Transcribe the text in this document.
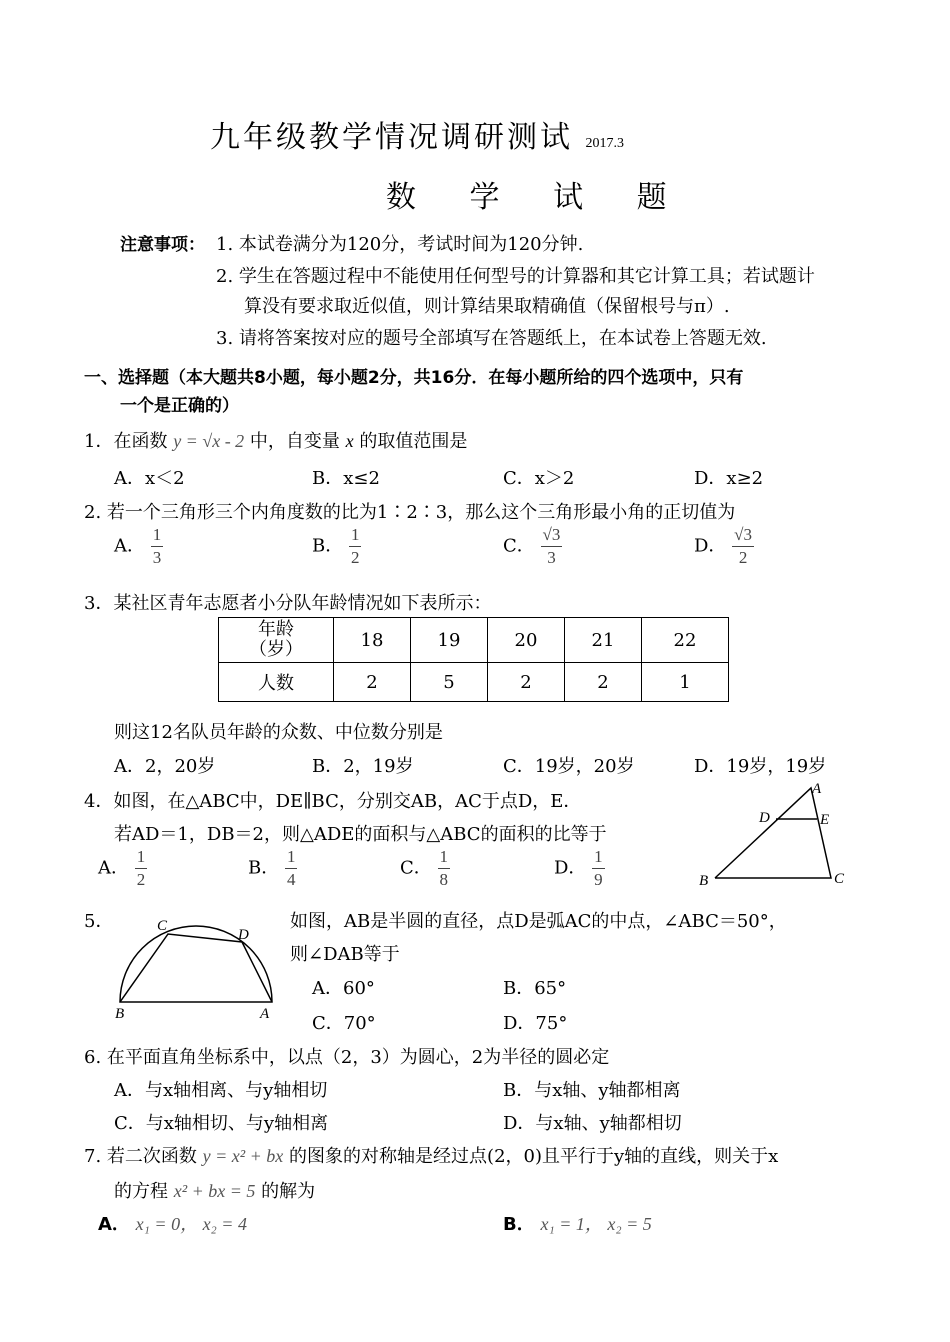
九年级教学情况调研测试 2017.3
数 学 试 题
注意事项： 1. 本试卷满分为120分，考试时间为120分钟.
2. 学生在答题过程中不能使用任何型号的计算器和其它计算工具；若试题计
算没有要求取近似值，则计算结果取精确值（保留根号与π）.
3. 请将答案按对应的题号全部填写在答题纸上，在本试卷上答题无效.
一、选择题（本大题共8小题，每小题2分，共16分．在每小题所给的四个选项中，只有
一个是正确的）
1．在函数 y = √x - 2 中，自变量 x 的取值范围是
A．x＜2	B．x≤2	C．x＞2	D．x≥2
2. 若一个三角形三个内角度数的比为1∶2∶3，那么这个三角形最小角的正切值为
A． $\frac{1}{3}$	B． $\frac{1}{2}$	C． $\frac{√3}{3}$	D． $\frac{√3}{2}$
3．某社区青年志愿者小分队年龄情况如下表所示：
年龄
（岁）	18	19	20	21	22
人数	2	5	2	2	1
则这12名队员年龄的众数、中位数分别是
A．2，20岁	B．2，19岁	C．19岁，20岁	D．19岁，19岁
4．如图，在△ABC中，DE∥BC，分别交AB，AC于点D，E．
若AD＝1，DB＝2，则△ADE的面积与△ABC的面积的比等于
A． $\frac{1}{2}$	B． $\frac{1}{4}$	C． $\frac{1}{8}$	D． $\frac{1}{9}$
A
B	C
D	E
5．	如图，AB是半圆的直径，点D是弧AC的中点，∠ABC＝50°，
则∠DAB等于
A．60°	B．65°
C．70°	D．75°
C
D
B	A
6. 在平面直角坐标系中，以点（2，3）为圆心，2为半径的圆必定
A．与x轴相离、与y轴相切	B．与x轴、y轴都相离
C．与x轴相切、与y轴相离	D．与x轴、y轴都相切
7. 若二次函数 y = x² + bx 的图象的对称轴是经过点(2，0)且平行于y轴的直线，则关于x
的方程 x² + bx = 5 的解为
A． x₁ = 0， x₂ = 4	B． x₁ = 1， x₂ = 5
